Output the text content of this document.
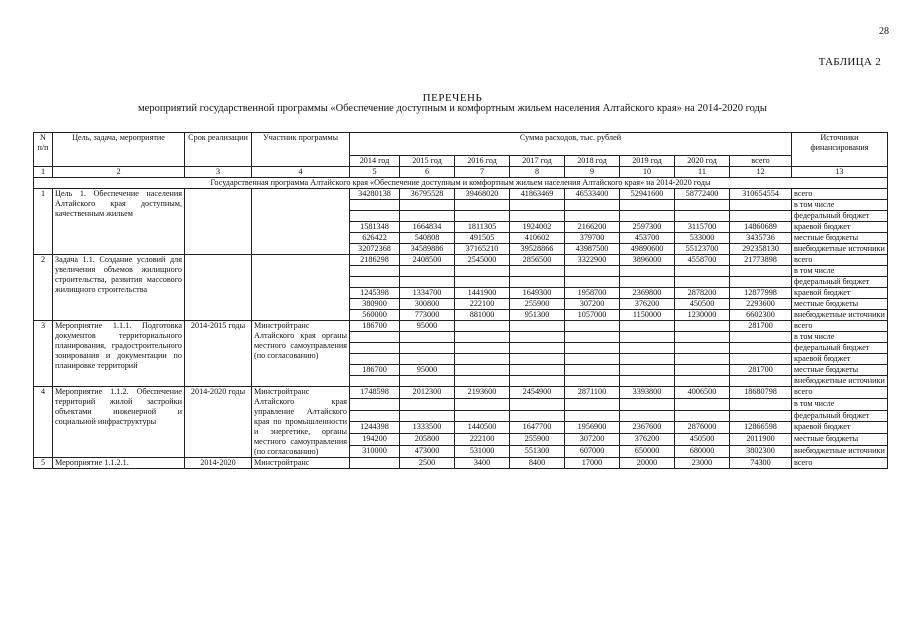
28
ТАБЛИЦА 2
ПЕРЕЧЕНЬ
мероприятий государственной программы «Обеспечение доступным и комфортным жильем населения Алтайского края» на 2014-2020 годы
N п/п	Цель, задача, мероприятие	Срок реализации	Участник программы	Сумма расходов, тыс. рублей								Источники финансирования
				2014 год	2015 год	2016 год	2017 год	2018 год	2019 год	2020 год	всего	
1	2	3	4	5	6	7	8	9	10	11	12	13
Государственная программа Алтайского края «Обеспечение доступным и комфортным жильем населения Алтайского края» на 2014-2020 годы												
1	Цель 1. Обеспечение населения Алтайского края доступным, качественным жильем			34280138	36795528	39468020	41863469	46533400	52941600	58772400	310654554	всего
												в том числе
												федеральный бюджет
				1581348	1664834	1811305	1924002	2166200	2597300	3115700	14860689	краевой бюджет
				626422	540808	491505	410602	379700	453700	533000	3435736	местные бюджеты
				32072368	34589886	37165210	39528866	43987500	49890600	55123700	292358130	внебюджетные источники
2	Задача 1.1. Создание условий для увеличения объемов жилищного строительства, развития массового жилищного строительства			2186298	2408500	2545000	2856500	3322900	3896000	4558700	21773898	всего
												в том числе
												федеральный бюджет
				1245398	1334700	1441900	1649300	1958700	2369800	2878200	12877998	краевой бюджет
				380900	300800	222100	255900	307200	376200	450500	2293600	местные бюджеты
				560000	773000	881000	951300	1057000	1150000	1230000	6602300	внебюджетные источники
3	Мероприятие 1.1.1. Подготовка документов территориального планирования, градостроительного зонирования и документации по планировке территорий	2014-2015 годы	Минстройтранс Алтайского края органы местного самоуправления (по согласованию)	186700	95000						281700	всего
												в том числе
												федеральный бюджет
												краевой бюджет
				186700	95000						281700	местные бюджеты
												внебюджетные источники
4	Мероприятие 1.1.2. Обеспечение территорий жилой застройки объектами инженерной и социальной инфраструктуры	2014-2020 годы	Минстройтранс Алтайского края управление Алтайского края по промышленности и энергетике, органы местного самоуправления (по согласованию)	1748598	2012300	2193600	2454900	2871100	3393800	4006500	18680798	всего
												в том числе
												федеральный бюджет
				1244398	1333500	1440500	1647700	1956900	2367600	2876000	12866598	краевой бюджет
				194200	205800	222100	255900	307200	376200	450500	2011900	местные бюджеты
				310000	473000	531000	551300	607000	650000	680000	3802300	внебюджетные источники
5	Мероприятие 1.1.2.1.	2014-2020	Минстройтранс		2500	3400	8400	17000	20000	23000	74300	всего
